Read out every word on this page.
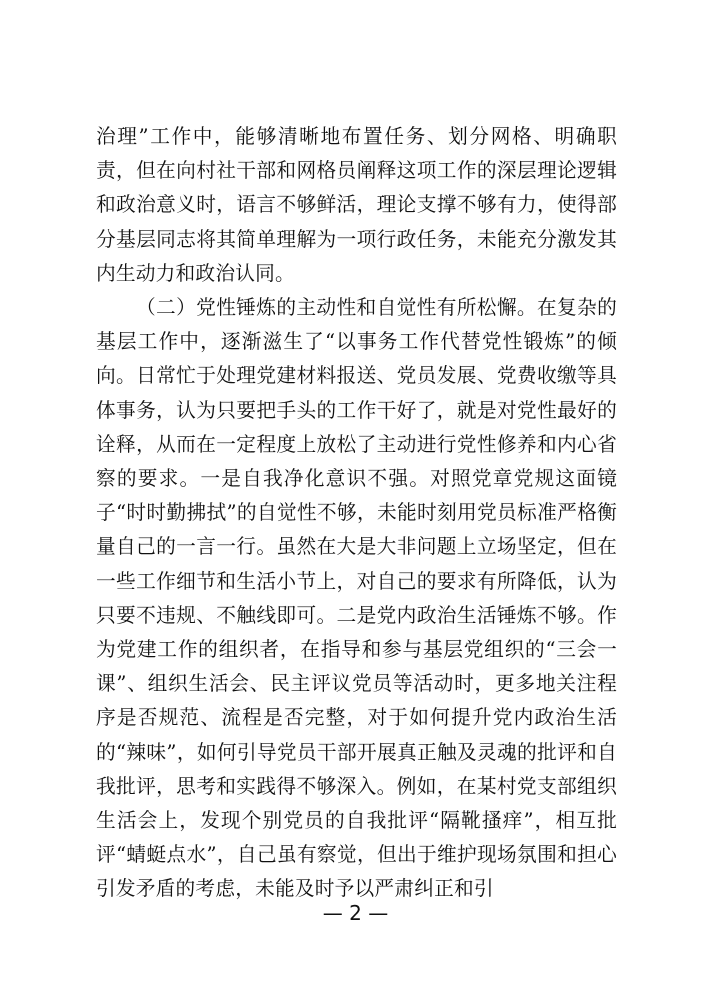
治理”工作中，能够清晰地布置任务、划分网格、明确职责，但在向村社干部和网格员阐释这项工作的深层理论逻辑和政治意义时，语言不够鲜活，理论支撑不够有力，使得部分基层同志将其简单理解为一项行政任务，未能充分激发其内生动力和政治认同。

（二）党性锤炼的主动性和自觉性有所松懈。在复杂的基层工作中，逐渐滋生了“以事务工作代替党性锻炼”的倾向。日常忙于处理党建材料报送、党员发展、党费收缴等具体事务，认为只要把手头的工作干好了，就是对党性最好的诠释，从而在一定程度上放松了主动进行党性修养和内心省察的要求。一是自我净化意识不强。对照党章党规这面镜子“时时勤拂拭”的自觉性不够，未能时刻用党员标准严格衡量自己的一言一行。虽然在大是大非问题上立场坚定，但在一些工作细节和生活小节上，对自己的要求有所降低，认为只要不违规、不触线即可。二是党内政治生活锤炼不够。作为党建工作的组织者，在指导和参与基层党组织的“三会一课”、组织生活会、民主评议党员等活动时，更多地关注程序是否规范、流程是否完整，对于如何提升党内政治生活的“辣味”，如何引导党员干部开展真正触及灵魂的批评和自我批评，思考和实践得不够深入。例如，在某村党支部组织生活会上，发现个别党员的自我批评“隔靴搔痒”，相互批评“蜻蜓点水”，自己虽有察觉，但出于维护现场氛围和担心引发矛盾的考虑，未能及时予以严肃纠正和引

— 2 —
